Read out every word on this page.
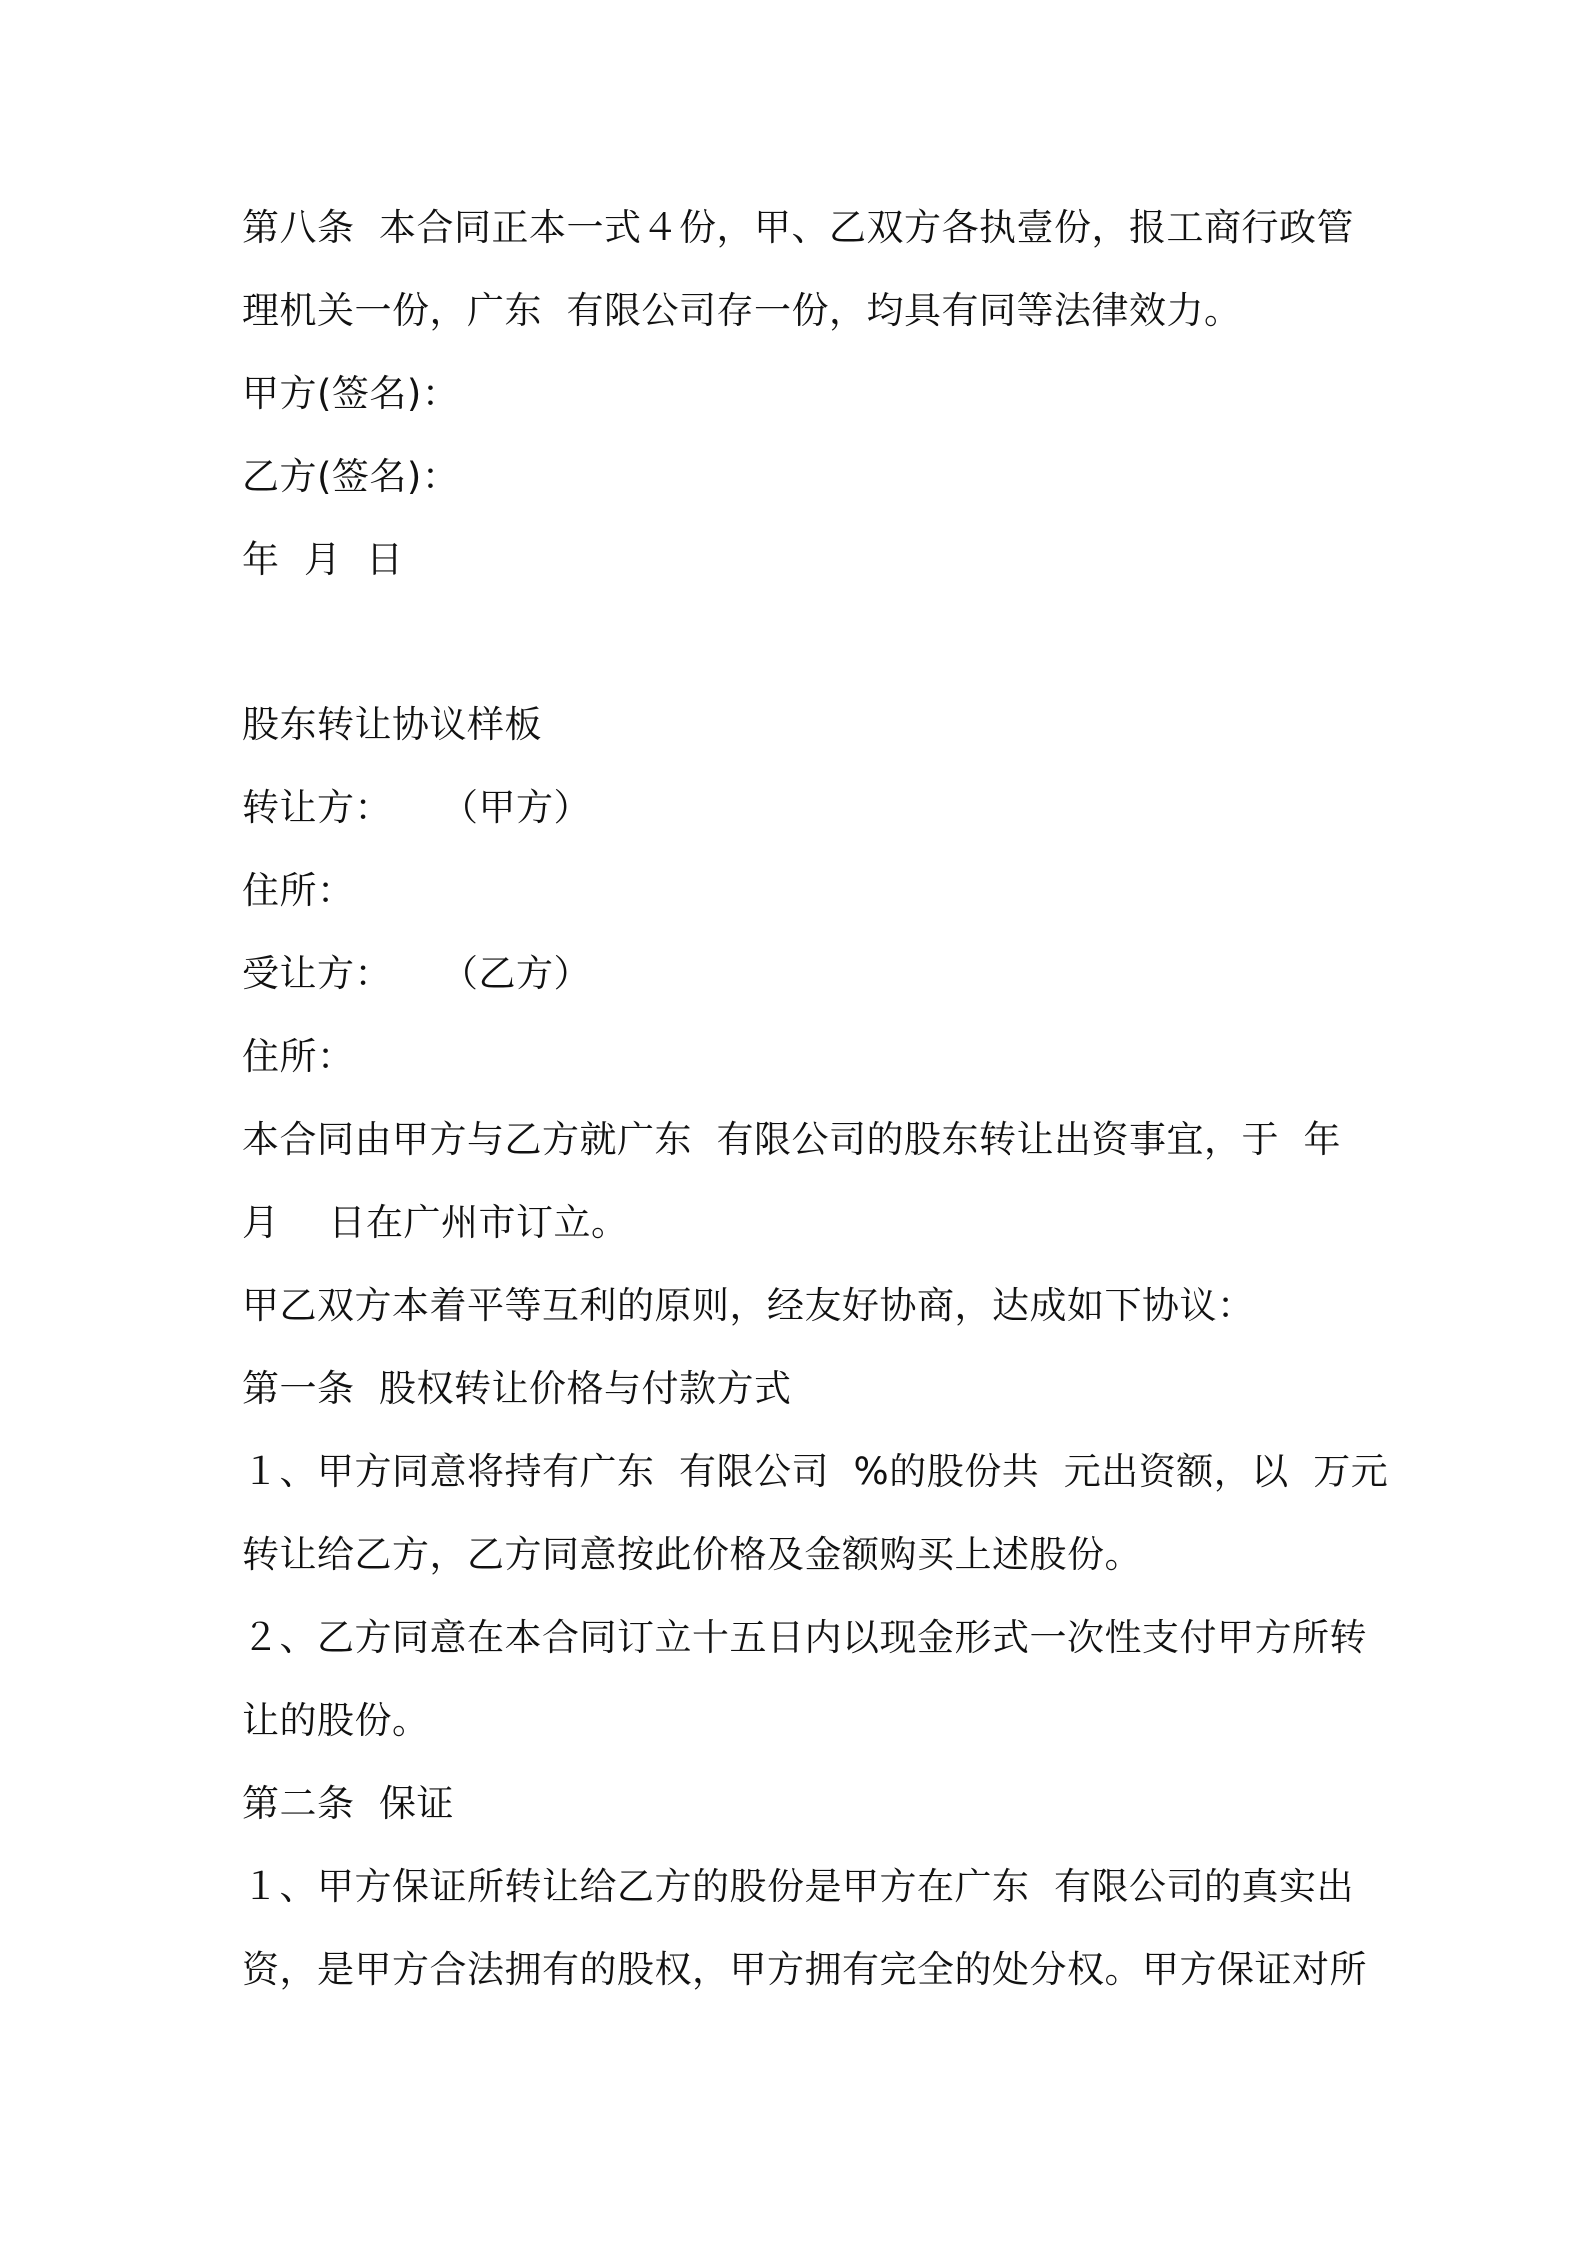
第八条  本合同正本一式４份，甲、乙双方各执壹份，报工商行政管
理机关一份，广东  有限公司存一份，均具有同等法律效力。
甲方(签名)：
乙方(签名)：
年  月  日
股东转让协议样板
转让方：    （甲方）
住所：
受让方：    （乙方）
住所：
本合同由甲方与乙方就广东  有限公司的股东转让出资事宜，于  年
月    日在广州市订立。
甲乙双方本着平等互利的原则，经友好协商，达成如下协议：
第一条  股权转让价格与付款方式
１、甲方同意将持有广东  有限公司  %的股份共  元出资额，以  万元
转让给乙方，乙方同意按此价格及金额购买上述股份。
２、乙方同意在本合同订立十五日内以现金形式一次性支付甲方所转
让的股份。
第二条  保证
１、甲方保证所转让给乙方的股份是甲方在广东  有限公司的真实出
资，是甲方合法拥有的股权，甲方拥有完全的处分权。甲方保证对所
